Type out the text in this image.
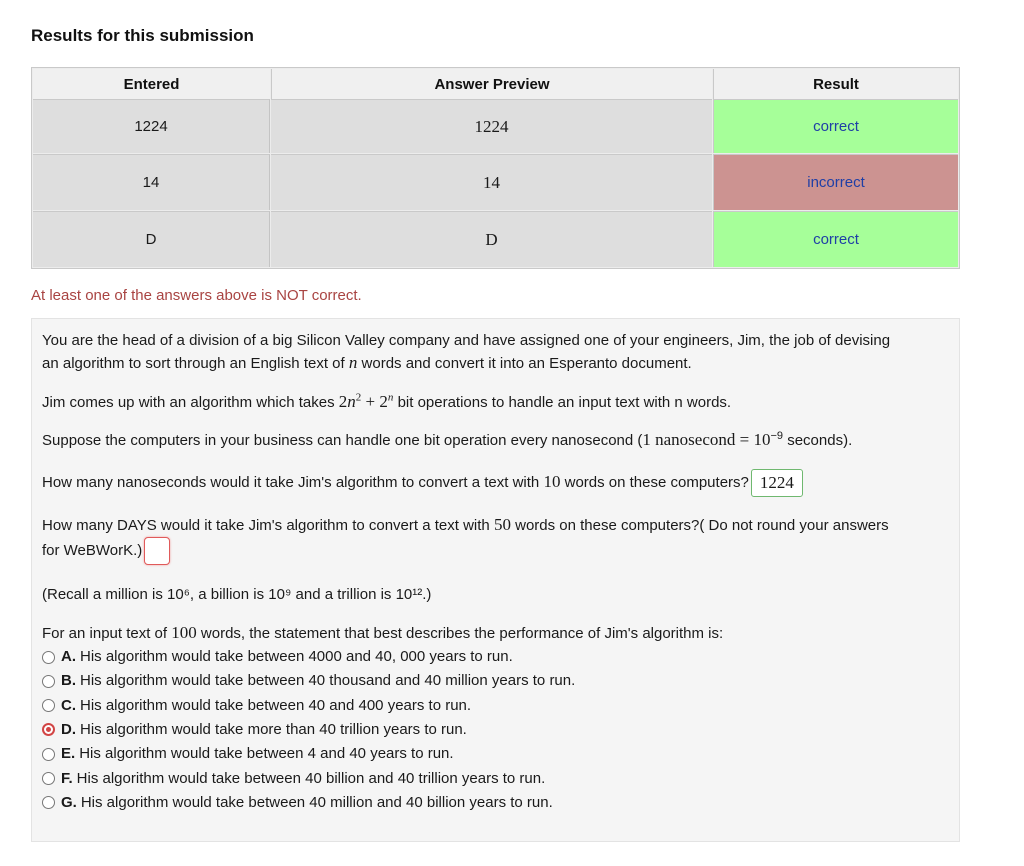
Results for this submission
Entered	Answer Preview	Result
1224	1224	correct
14	14	incorrect
D	D	correct
At least one of the answers above is NOT correct.
You are the head of a division of a big Silicon Valley company and have assigned one of your engineers, Jim, the job of devising
an algorithm to sort through an English text of n words and convert it into an Esperanto document.
Jim comes up with an algorithm which takes $2n^2 + 2^n$ bit operations to handle an input text with n words.
Suppose the computers in your business can handle one bit operation every nanosecond (1 nanosecond = $10^{-9}$ seconds).
How many nanoseconds would it take Jim's algorithm to convert a text with 10 words on these computers? 1224
How many DAYS would it take Jim's algorithm to convert a text with 50 words on these computers?( Do not round your answers
for WeBWorK.)
(Recall a million is 10⁶, a billion is 10⁹ and a trillion is 10¹².)
For an input text of 100 words, the statement that best describes the performance of Jim's algorithm is:
A. His algorithm would take between 4000 and 40, 000 years to run.
B. His algorithm would take between 40 thousand and 40 million years to run.
C. His algorithm would take between 40 and 400 years to run.
D. His algorithm would take more than 40 trillion years to run.
E. His algorithm would take between 4 and 40 years to run.
F. His algorithm would take between 40 billion and 40 trillion years to run.
G. His algorithm would take between 40 million and 40 billion years to run.
